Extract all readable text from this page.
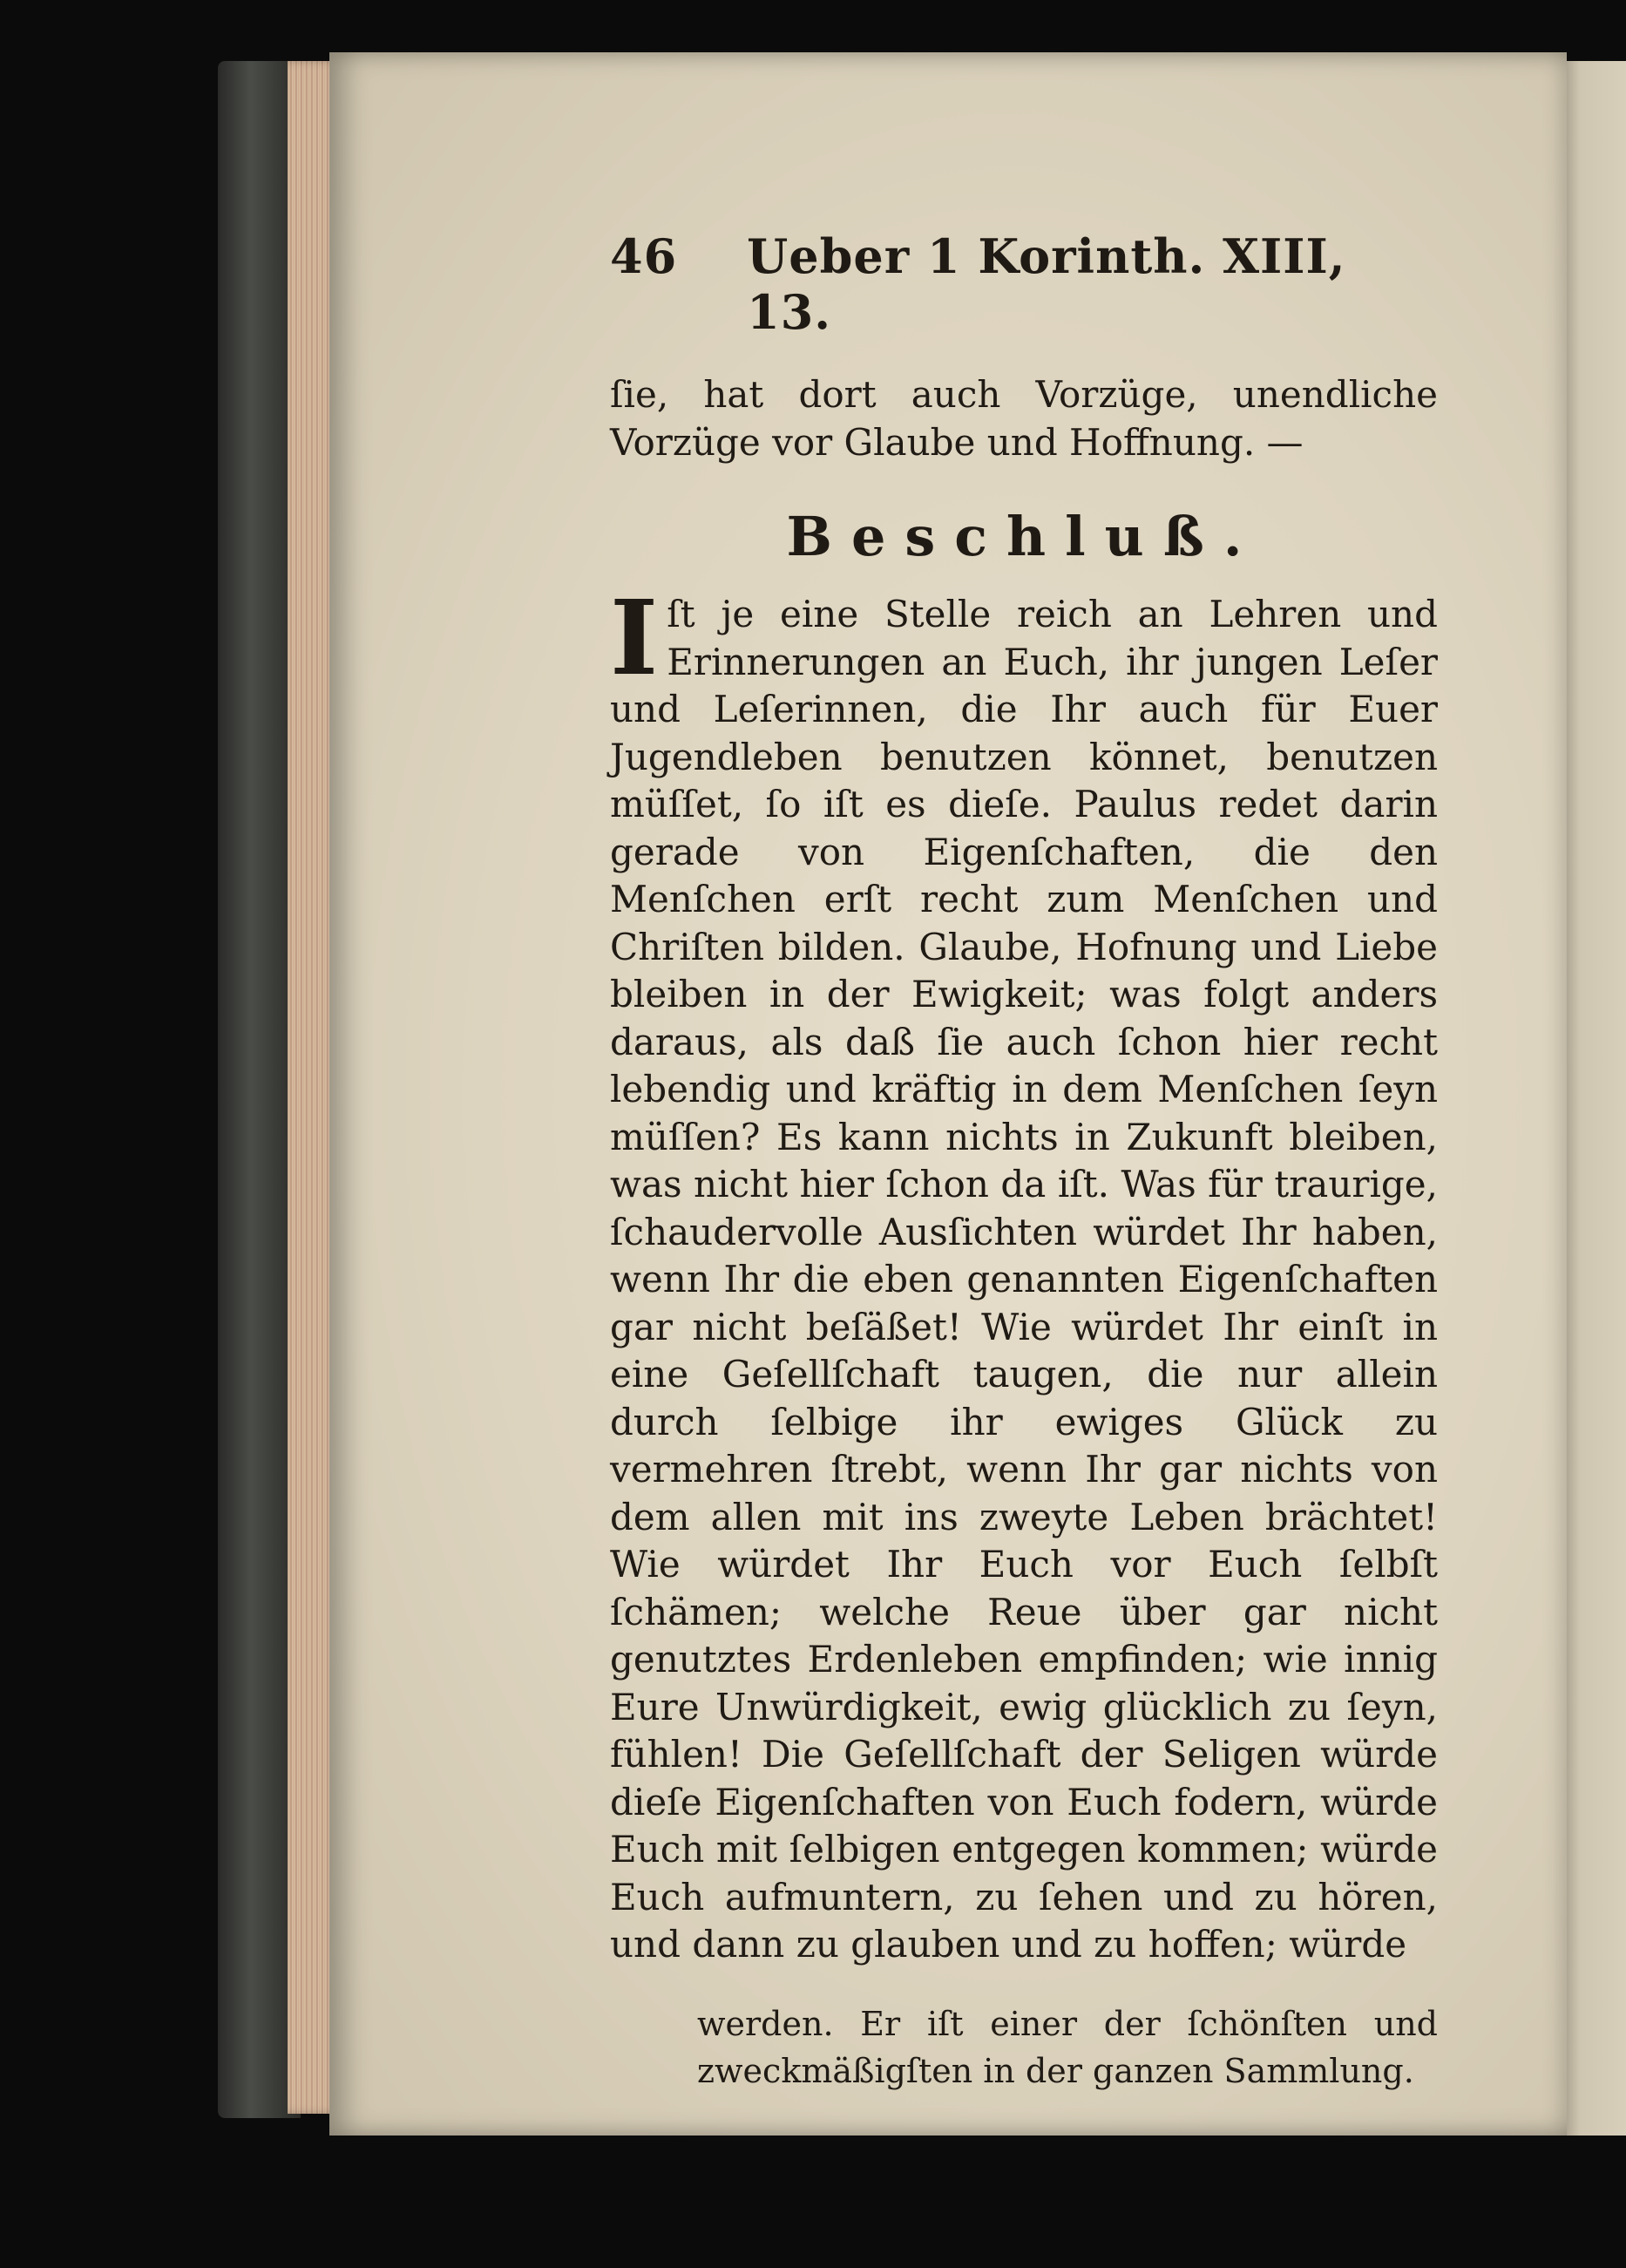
46 Ueber 1 Korinth. XIII, 13.

ſie, hat dort auch Vorzüge, unendliche Vorzüge vor Glaube und Hoffnung. —

Beschluß.

Iſt je eine Stelle reich an Lehren und Erinnerungen an Euch, ihr jungen Leſer und Leſerinnen, die Ihr auch für Euer Jugendleben benutzen könnet, benutzen müſſet, ſo iſt es dieſe. Paulus redet darin gerade von Eigenſchaften, die den Menſchen erſt recht zum Menſchen und Chriſten bilden. Glaube, Hofnung und Liebe bleiben in der Ewigkeit; was folgt anders daraus, als daß ſie auch ſchon hier recht lebendig und kräftig in dem Menſchen ſeyn müſſen? Es kann nichts in Zukunft bleiben, was nicht hier ſchon da iſt. Was für traurige, ſchaudervolle Ausſichten würdet Ihr haben, wenn Ihr die eben genannten Eigenſchaften gar nicht beſäßet! Wie würdet Ihr einſt in eine Geſellſchaft taugen, die nur allein durch ſelbige ihr ewiges Glück zu vermehren ſtrebt, wenn Ihr gar nichts von dem allen mit ins zweyte Leben brächtet! Wie würdet Ihr Euch vor Euch ſelbſt ſchämen; welche Reue über gar nicht genutztes Erdenleben empfinden; wie innig Eure Unwürdigkeit, ewig glücklich zu ſeyn, fühlen! Die Geſellſchaft der Seligen würde dieſe Eigenſchaften von Euch fodern, würde Euch mit ſelbigen entgegen kommen; würde Euch aufmuntern, zu ſehen und zu hören, und dann zu glauben und zu hoffen; würde

werden. Er iſt einer der ſchönſten und zweckmäßigſten in der ganzen Sammlung.
